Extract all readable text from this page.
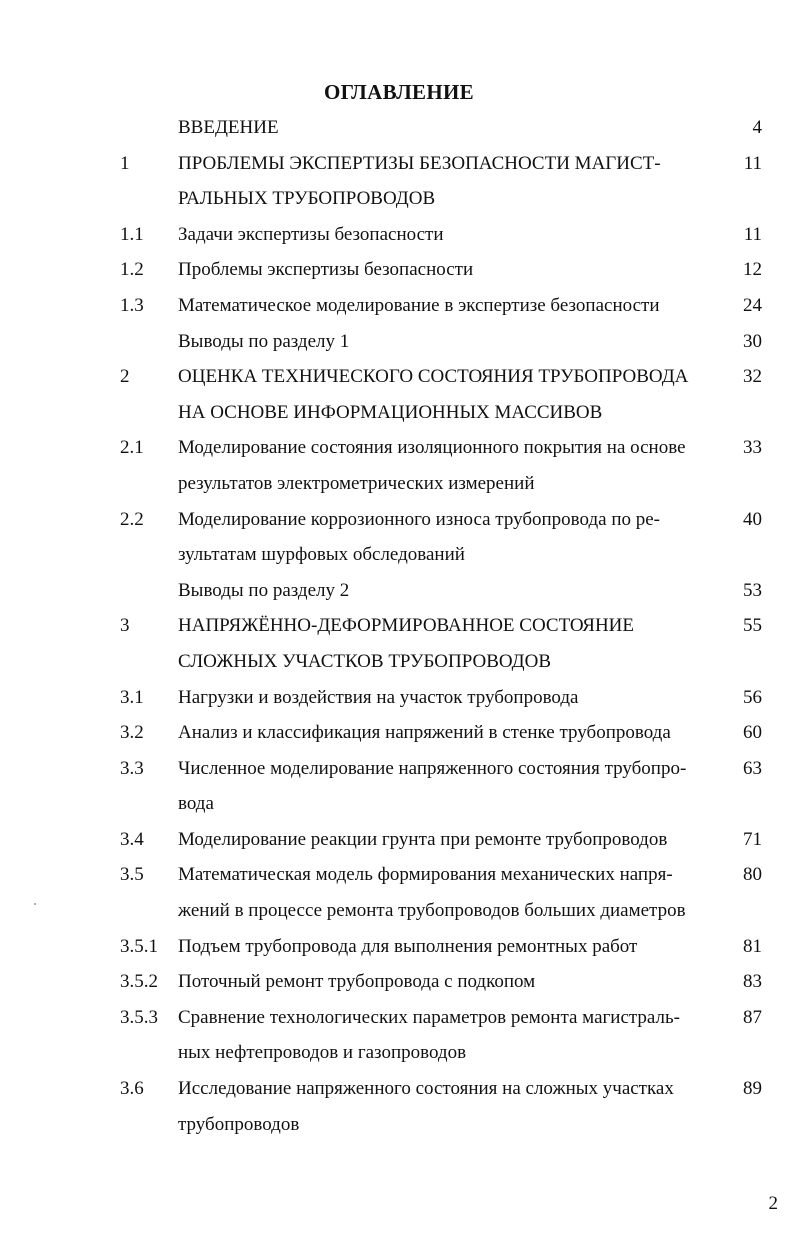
ОГЛАВЛЕНИЕ
ВВЕДЕНИЕ	4
1	ПРОБЛЕМЫ ЭКСПЕРТИЗЫ БЕЗОПАСНОСТИ МАГИСТ-	11
РАЛЬНЫХ ТРУБОПРОВОДОВ
1.1 Задачи экспертизы безопасности	11
1.2 Проблемы экспертизы безопасности	12
1.3 Математическое моделирование в экспертизе безопасности	24
Выводы по разделу 1	30
2	ОЦЕНКА ТЕХНИЧЕСКОГО СОСТОЯНИЯ ТРУБОПРОВОДА	32
НА ОСНОВЕ ИНФОРМАЦИОННЫХ МАССИВОВ
2.1 Моделирование состояния изоляционного покрытия на основе	33
результатов электрометрических измерений
2.2 Моделирование коррозионного износа трубопровода по ре-	40
зультатам шурфовых обследований
Выводы по разделу 2	53
3	НАПРЯЖЁННО-ДЕФОРМИРОВАННОЕ СОСТОЯНИЕ	55
СЛОЖНЫХ УЧАСТКОВ ТРУБОПРОВОДОВ
3.1 Нагрузки и воздействия на участок трубопровода	56
3.2 Анализ и классификация напряжений в стенке трубопровода	60
3.3 Численное моделирование напряженного состояния трубопро-	63
вода
3.4 Моделирование реакции грунта при ремонте трубопроводов	71
3.5 Математическая модель формирования механических напря-	80
жений в процессе ремонта трубопроводов больших диаметров
3.5.1 Подъем трубопровода для выполнения ремонтных работ	81
3.5.2 Поточный ремонт трубопровода с подкопом	83
3.5.3 Сравнение технологических параметров ремонта магистраль-	87
ных нефтепроводов и газопроводов
3.6 Исследование напряженного состояния на сложных участках	89
трубопроводов
2
